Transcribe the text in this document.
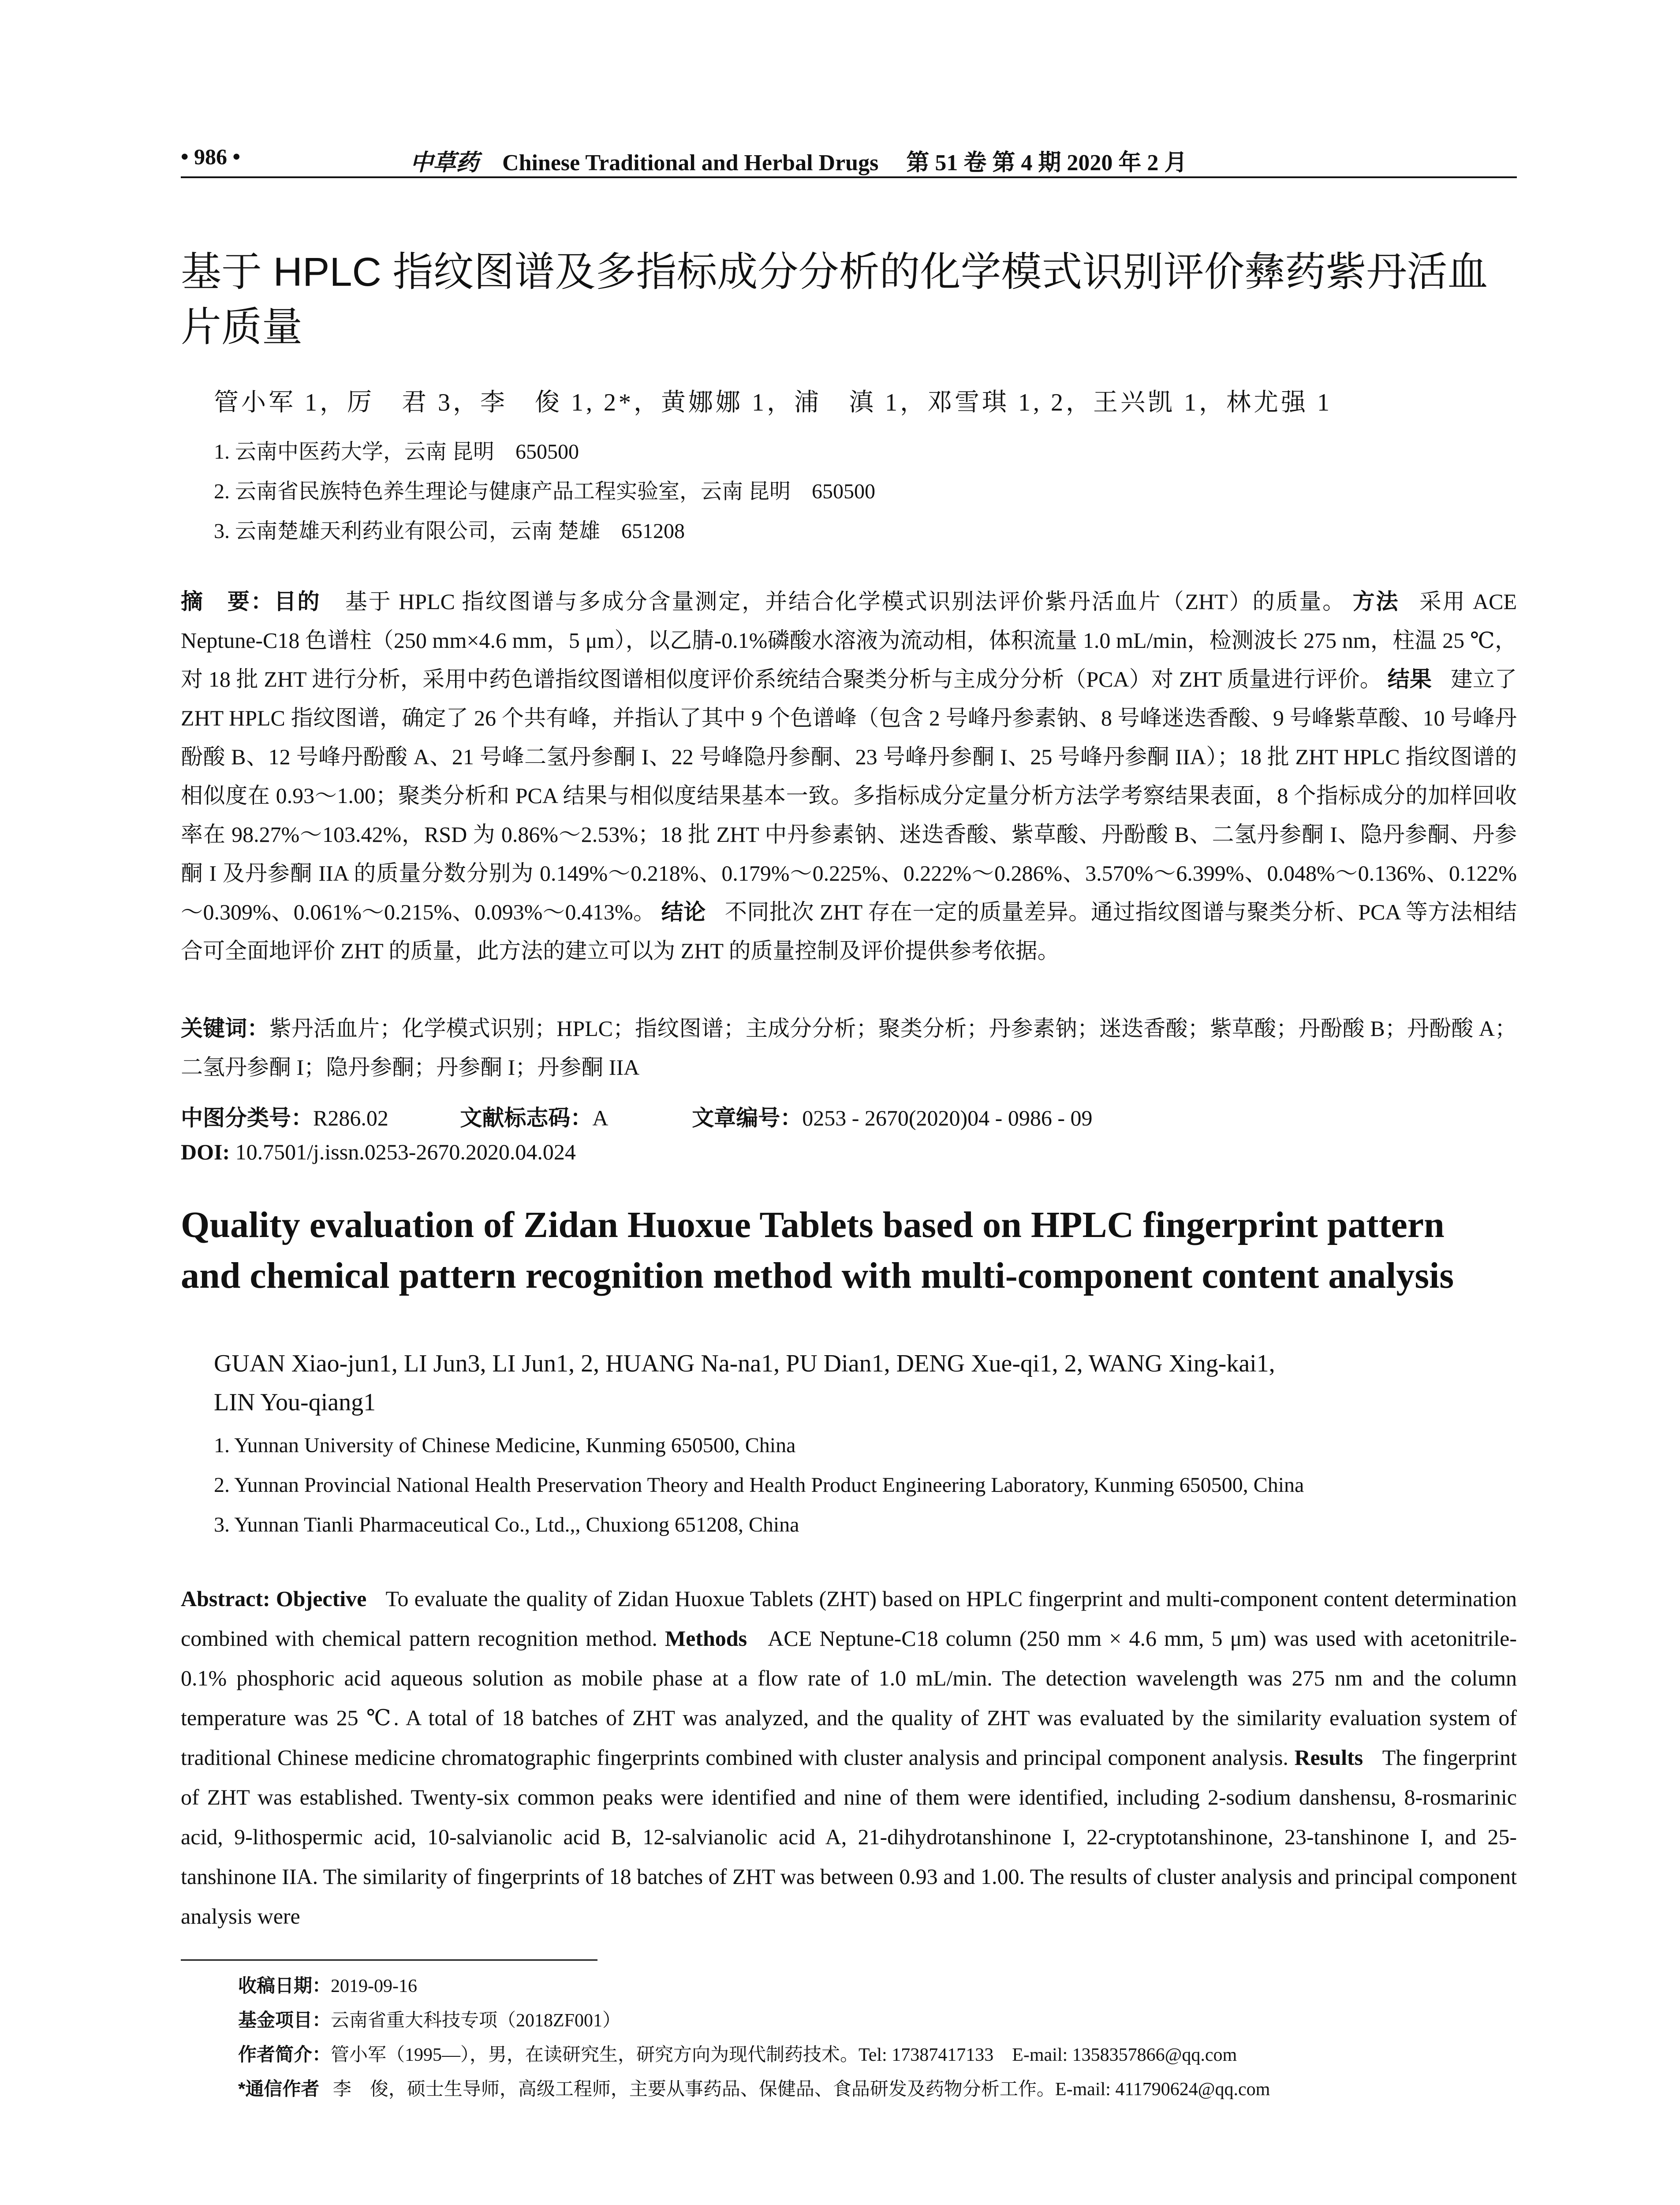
• 986 •	中草药 Chinese Traditional and Herbal Drugs 第 51 卷 第 4 期 2020 年 2 月
基于 HPLC 指纹图谱及多指标成分分析的化学模式识别评价彝药紫丹活血
片质量
管小军 1，厉　君 3，李　俊 1, 2*，黄娜娜 1，浦　滇 1，邓雪琪 1, 2，王兴凯 1，林尤强 1
1. 云南中医药大学，云南 昆明　650500
2. 云南省民族特色养生理论与健康产品工程实验室，云南 昆明　650500
3. 云南楚雄天利药业有限公司，云南 楚雄　651208
摘　要：目的 基于 HPLC 指纹图谱与多成分含量测定，并结合化学模式识别法评价紫丹活血片（ZHT）的质量。 方法 采用 ACE Neptune-C18 色谱柱（250 mm×4.6 mm，5 μm），以乙腈-0.1%磷酸水溶液为流动相，体积流量 1.0 mL/min，检测波长 275 nm，柱温 25 ℃，对 18 批 ZHT 进行分析，采用中药色谱指纹图谱相似度评价系统结合聚类分析与主成分分析（PCA）对 ZHT 质量进行评价。 结果 建立了 ZHT HPLC 指纹图谱，确定了 26 个共有峰，并指认了其中 9 个色谱峰（包含 2 号峰丹参素钠、8 号峰迷迭香酸、9 号峰紫草酸、10 号峰丹酚酸 B、12 号峰丹酚酸 A、21 号峰二氢丹参酮 I、22 号峰隐丹参酮、23 号峰丹参酮 I、25 号峰丹参酮 IIA）；18 批 ZHT HPLC 指纹图谱的相似度在 0.93～1.00；聚类分析和 PCA 结果与相似度结果基本一致。多指标成分定量分析方法学考察结果表面，8 个指标成分的加样回收率在 98.27%～103.42%，RSD 为 0.86%～2.53%；18 批 ZHT 中丹参素钠、迷迭香酸、紫草酸、丹酚酸 B、二氢丹参酮 I、隐丹参酮、丹参酮 I 及丹参酮 IIA 的质量分数分别为 0.149%～0.218%、0.179%～0.225%、0.222%～0.286%、3.570%～6.399%、0.048%～0.136%、0.122%～0.309%、0.061%～0.215%、0.093%～0.413%。 结论 不同批次 ZHT 存在一定的质量差异。通过指纹图谱与聚类分析、PCA 等方法相结合可全面地评价 ZHT 的质量，此方法的建立可以为 ZHT 的质量控制及评价提供参考依据。
关键词：紫丹活血片；化学模式识别；HPLC；指纹图谱；主成分分析；聚类分析；丹参素钠；迷迭香酸；紫草酸；丹酚酸 B；丹酚酸 A；二氢丹参酮 I；隐丹参酮；丹参酮 I；丹参酮 IIA
中图分类号：R286.02	文献标志码：A	文章编号：0253 - 2670(2020)04 - 0986 - 09
DOI: 10.7501/j.issn.0253-2670.2020.04.024
Quality evaluation of Zidan Huoxue Tablets based on HPLC fingerprint pattern
and chemical pattern recognition method with multi-component content analysis
GUAN Xiao-jun1, LI Jun3, LI Jun1, 2, HUANG Na-na1, PU Dian1, DENG Xue-qi1, 2, WANG Xing-kai1,
LIN You-qiang1
1. Yunnan University of Chinese Medicine, Kunming 650500, China
2. Yunnan Provincial National Health Preservation Theory and Health Product Engineering Laboratory, Kunming 650500, China
3. Yunnan Tianli Pharmaceutical Co., Ltd.,, Chuxiong 651208, China
Abstract: Objective To evaluate the quality of Zidan Huoxue Tablets (ZHT) based on HPLC fingerprint and multi-component content determination combined with chemical pattern recognition method. Methods ACE Neptune-C18 column (250 mm × 4.6 mm, 5 μm) was used with acetonitrile-0.1% phosphoric acid aqueous solution as mobile phase at a flow rate of 1.0 mL/min. The detection wavelength was 275 nm and the column temperature was 25 ℃. A total of 18 batches of ZHT was analyzed, and the quality of ZHT was evaluated by the similarity evaluation system of traditional Chinese medicine chromatographic fingerprints combined with cluster analysis and principal component analysis. Results The fingerprint of ZHT was established. Twenty-six common peaks were identified and nine of them were identified, including 2-sodium danshensu, 8-rosmarinic acid, 9-lithospermic acid, 10-salvianolic acid B, 12-salvianolic acid A, 21-dihydrotanshinone I, 22-cryptotanshinone, 23-tanshinone I, and 25-tanshinone IIA. The similarity of fingerprints of 18 batches of ZHT was between 0.93 and 1.00. The results of cluster analysis and principal component analysis were
收稿日期：2019-09-16
基金项目：云南省重大科技专项（2018ZF001）
作者简介：管小军（1995—），男，在读研究生，研究方向为现代制药技术。Tel: 17387417133　E-mail: 1358357866@qq.com
*通信作者 李　俊，硕士生导师，高级工程师，主要从事药品、保健品、食品研发及药物分析工作。E-mail: 411790624@qq.com
